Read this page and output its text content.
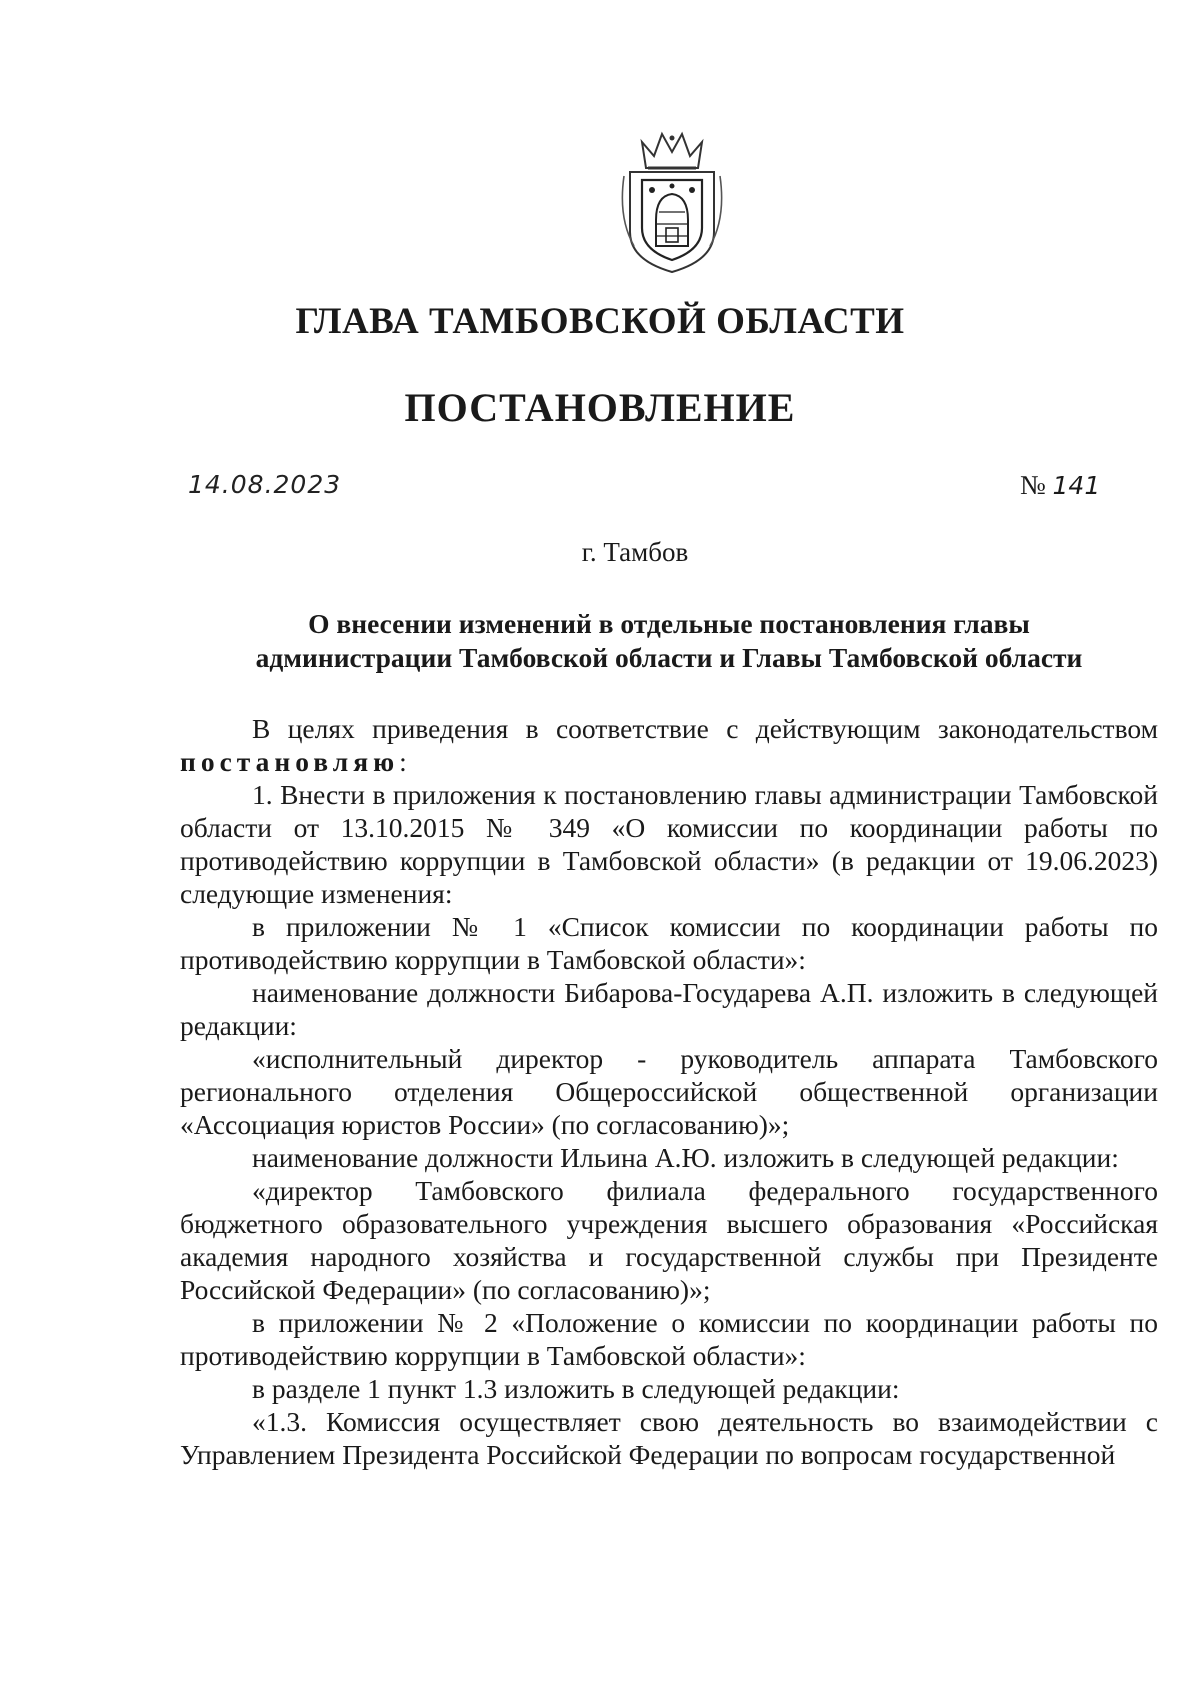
ГЛАВА ТАМБОВСКОЙ ОБЛАСТИ
ПОСТАНОВЛЕНИЕ
14.08.2023	№ 141
г. Тамбов
О внесении изменений в отдельные постановления главы
администрации Тамбовской области и Главы Тамбовской области

В целях приведения в соответствие с действующим законодательством

постановляю:

1. Внести в приложения к постановлению главы администрации Тамбовской области от 13.10.2015 № 349 «О комиссии по координации работы по противодействию коррупции в Тамбовской области» (в редакции от 19.06.2023) следующие изменения:

в приложении № 1 «Список комиссии по координации работы по противодействию коррупции в Тамбовской области»:

наименование должности Бибарова-Государева А.П. изложить в следующей редакции:

«исполнительный директор - руководитель аппарата Тамбовского регионального отделения Общероссийской общественной организации «Ассоциация юристов России» (по согласованию)»;

наименование должности Ильина А.Ю. изложить в следующей редакции:

«директор Тамбовского филиала федерального государственного бюджетного образовательного учреждения высшего образования «Российская академия народного хозяйства и государственной службы при Президенте Российской Федерации» (по согласованию)»;

в приложении № 2 «Положение о комиссии по координации работы по противодействию коррупции в Тамбовской области»:

в разделе 1 пункт 1.3 изложить в следующей редакции:

«1.3. Комиссия осуществляет свою деятельность во взаимодействии с Управлением Президента Российской Федерации по вопросам государственной
